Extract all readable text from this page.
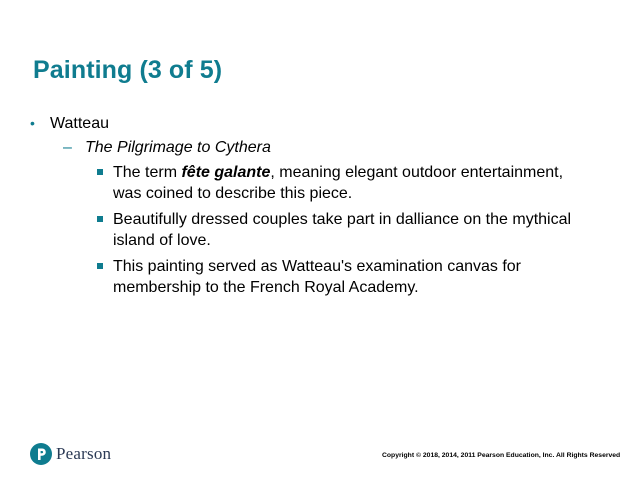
Painting (3 of 5)
• Watteau
– The Pilgrimage to Cythera
The term fête galante, meaning elegant outdoor entertainment, was coined to describe this piece.
Beautifully dressed couples take part in dalliance on the mythical island of love.
This painting served as Watteau's examination canvas for membership to the French Royal Academy.
Pearson	Copyright © 2018, 2014, 2011 Pearson Education, Inc. All Rights Reserved
